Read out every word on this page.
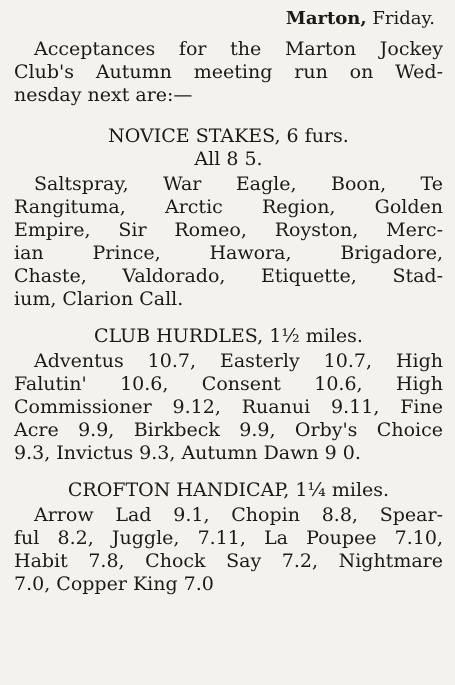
Marton, Friday.

Acceptances for the Marton Jockey

Club's Autumn meeting run on Wed-

nesday next are:—

NOVICE STAKES, 6 furs.

All 8 5.

Saltspray, War Eagle, Boon, Te

Rangituma, Arctic Region, Golden

Empire, Sir Romeo, Royston, Merc-

ian Prince, Hawora, Brigadore,

Chaste, Valdorado, Etiquette, Stad-

ium, Clarion Call.

CLUB HURDLES, 1½ miles.

Adventus 10.7, Easterly 10.7, High

Falutin' 10.6, Consent 10.6, High

Commissioner 9.12, Ruanui 9.11, Fine

Acre 9.9, Birkbeck 9.9, Orby's Choice

9.3, Invictus 9.3, Autumn Dawn 9 0.

CROFTON HANDICAP, 1¼ miles.

Arrow Lad 9.1, Chopin 8.8, Spear-

ful 8.2, Juggle, 7.11, La Poupee 7.10,

Habit 7.8, Chock Say 7.2, Nightmare

7.0, Copper King 7.0
